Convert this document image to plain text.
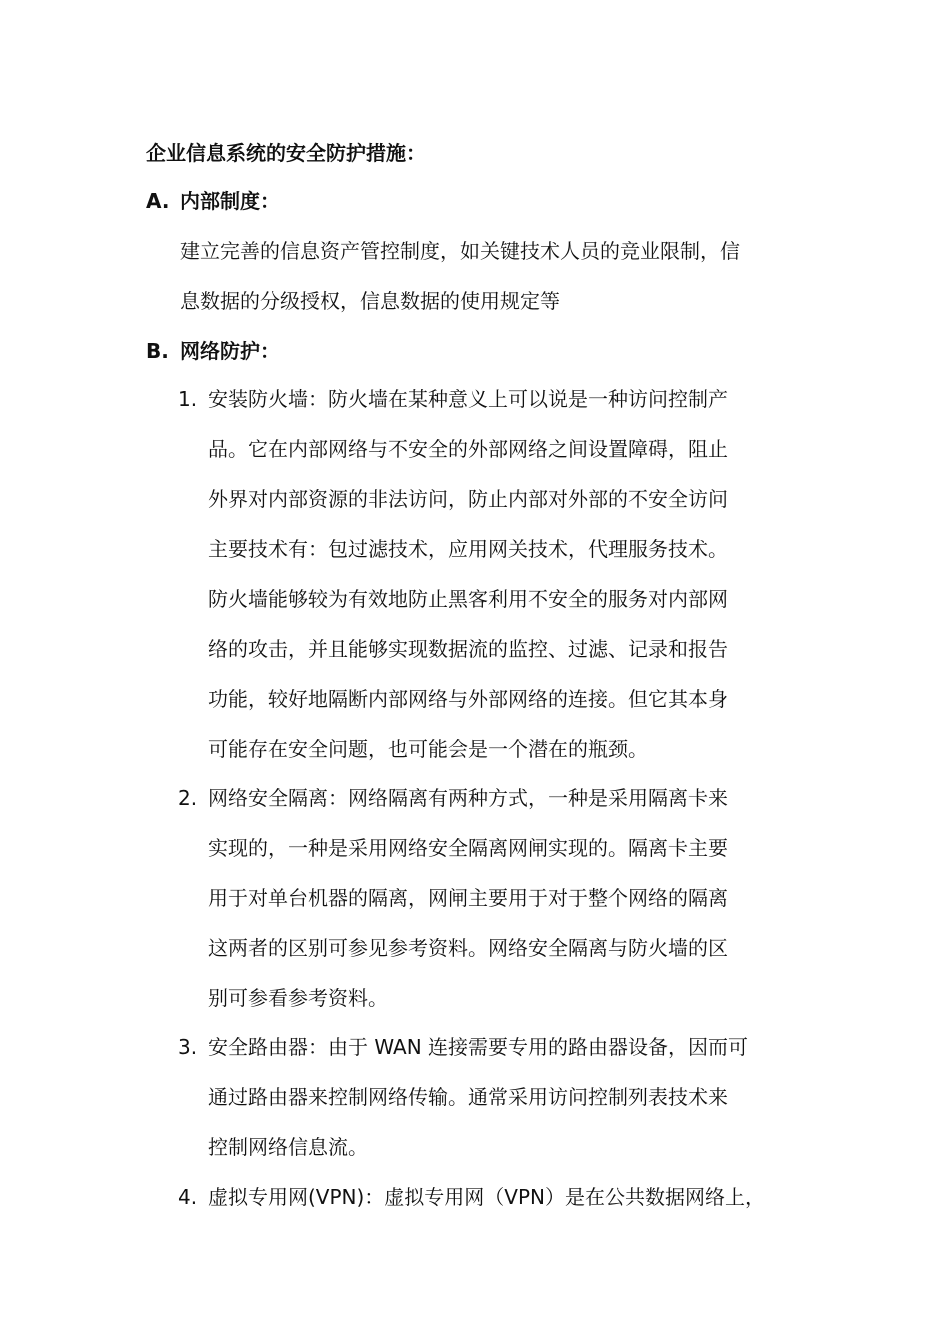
企业信息系统的安全防护措施：
A. 内部制度：
建立完善的信息资产管控制度，如关键技术人员的竞业限制，信
息数据的分级授权，信息数据的使用规定等
B. 网络防护：
1. 安装防火墙：防火墙在某种意义上可以说是一种访问控制产
品。它在内部网络与不安全的外部网络之间设置障碍，阻止
外界对内部资源的非法访问，防止内部对外部的不安全访问
主要技术有：包过滤技术，应用网关技术，代理服务技术。
防火墙能够较为有效地防止黑客利用不安全的服务对内部网
络的攻击，并且能够实现数据流的监控、过滤、记录和报告
功能，较好地隔断内部网络与外部网络的连接。但它其本身
可能存在安全问题，也可能会是一个潜在的瓶颈。
2. 网络安全隔离：网络隔离有两种方式，一种是采用隔离卡来
实现的，一种是采用网络安全隔离网闸实现的。隔离卡主要
用于对单台机器的隔离，网闸主要用于对于整个网络的隔离
这两者的区别可参见参考资料。网络安全隔离与防火墙的区
别可参看参考资料。
3. 安全路由器：由于 WAN 连接需要专用的路由器设备，因而可
通过路由器来控制网络传输。通常采用访问控制列表技术来
控制网络信息流。
4. 虚拟专用网(VPN)：虚拟专用网（VPN）是在公共数据网络上，
